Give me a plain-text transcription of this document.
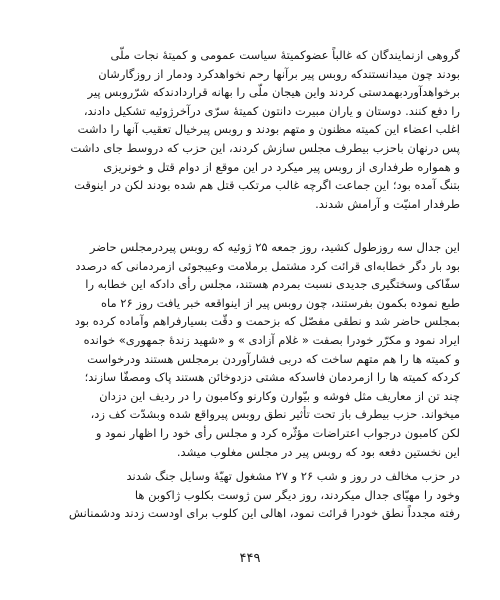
گروهی ازنمایندگان که غالباً عضوکمیتهٔ سیاست عمومی و کمیتهٔ نجات ملّی
بودند چون میدانستندکه روبس پیر برآنها رحم نخواهدکرد ودمار از روزگارشان
برخواهدآوردبهمدستی کردند واین هیجان ملّی را بهانه قراردادندکه شرّروبس پیر
را دفع کنند. دوستان و یاران مبیرت دانتون کمیتهٔ سرّی درآخرژوئیه تشکیل دادند،
اغلب اعضاء این کمیته مظنون و متهم بودند و روبس پیرخیال تعقیب آنها را داشت
پس درنهان باحزب بیطرف مجلس سازش کردند، این حزب که دروسط جای داشت
و همواره طرفداری از روبس پیر میکرد در این موقع از دوام قتل و خونریزی
بتنگ آمده بود؛ این جماعت اگرچه غالب مرتکب قتل هم شده بودند لکن در اینوقت
طرفدار امنیّت و آرامش شدند.
این جدال سه روزطول کشید، روز جمعه ۲۵ ژوئیه که روبس پیردرمجلس حاضر
بود بار دگر خطابه‌ای قرائت کرد مشتمل برملامت وعیبجوئی ازمردمانی که درصدد
سفّاکی وسختگیری جدیدی نسبت بمردم هستند، مجلس رأی دادکه این خطابه را
طبع نموده بکمون بفرستند، چون روبس پیر از اینواقعه خبر یافت روز ۲۶ ماه
بمجلس حاضر شد و نطقی مفصّل که بزحمت و دقّت بسیارفراهم وآماده کرده بود
ایراد نمود و مکرّر خودرا بصفت « غلام آزادی » و «شهید زندهٔ جمهوری» خوانده
و کمیته ها را هم متهم ساخت که دربی فشارآوردن برمجلس هستند ودرخواست
کردکه کمیته ها را ازمردمان فاسدکه مشتی دزدوخائن هستند پاک ومصفّا سازند؛
چند تن از معاریف مثل فوشه و بیّوارن وکارنو وکامبون را در ردیف این دزدان
میخواند. حزب بیطرف باز تحت تأثیر نطق روبس پیرواقع شده وبشدّت کف زد،
لکن کامبون درجواب اعتراضات مؤثّره کرد و مجلس رأی خود را اظهار نمود و
این نخستین دفعه بود که روبس پیر در مجلس مغلوب میشد.
در حزب مخالف در روز و شب ۲۶ و ۲۷ مشغول تهیّهٔ وسایل جنگ شدند
وخود را مهیّای جدال میکردند، روز دیگر سن ژوست بکلوب ژاکوبن ها
رفته مجدداً نطق خودرا قرائت نمود، اهالی این کلوب برای اودست زدند ودشمنانش
۴۴۹
